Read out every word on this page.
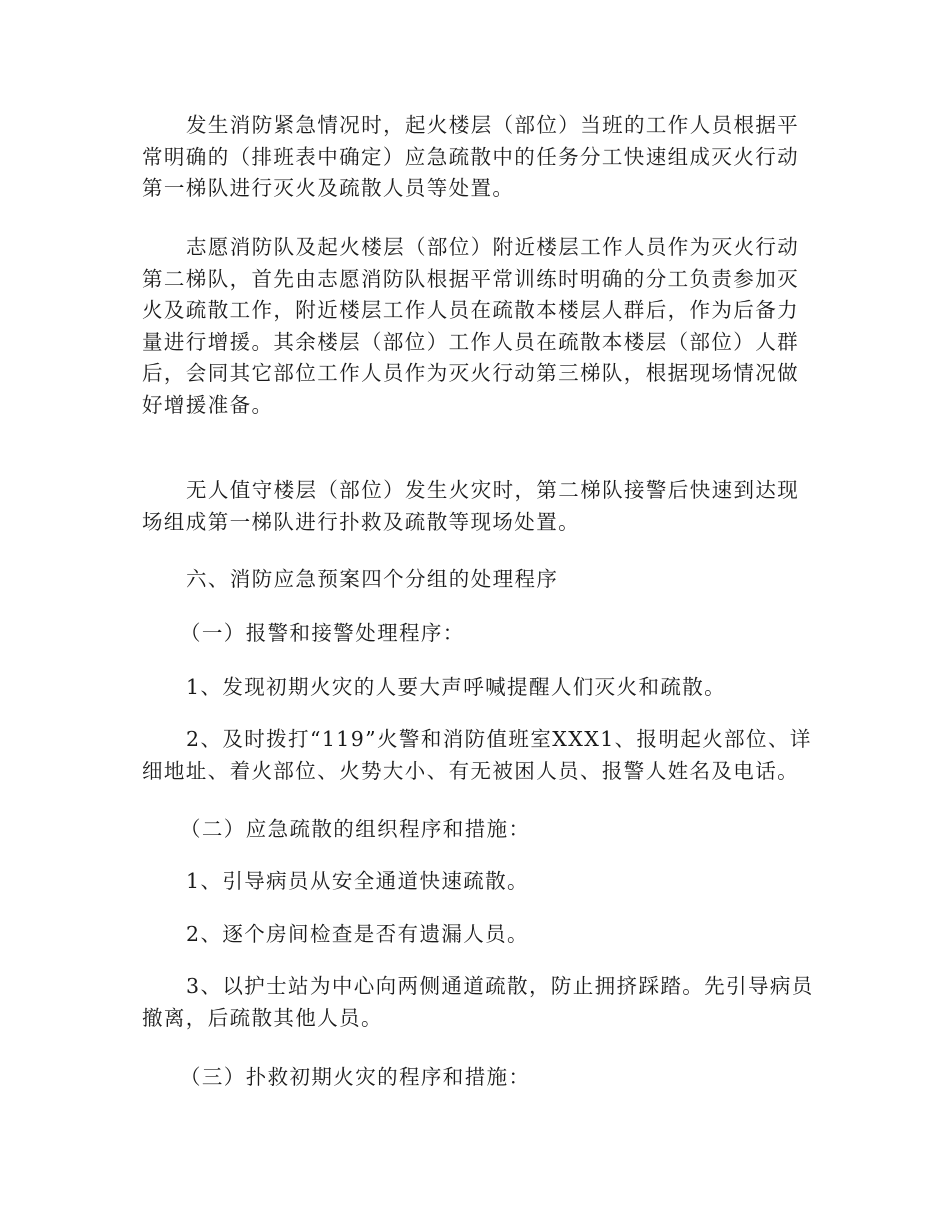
发生消防紧急情况时，起火楼层（部位）当班的工作人员根据平
常明确的（排班表中确定）应急疏散中的任务分工快速组成灭火行动
第一梯队进行灭火及疏散人员等处置。
志愿消防队及起火楼层（部位）附近楼层工作人员作为灭火行动
第二梯队，首先由志愿消防队根据平常训练时明确的分工负责参加灭
火及疏散工作，附近楼层工作人员在疏散本楼层人群后，作为后备力
量进行增援。其余楼层（部位）工作人员在疏散本楼层（部位）人群
后，会同其它部位工作人员作为灭火行动第三梯队，根据现场情况做
好增援准备。
无人值守楼层（部位）发生火灾时，第二梯队接警后快速到达现
场组成第一梯队进行扑救及疏散等现场处置。
六、消防应急预案四个分组的处理程序
（一）报警和接警处理程序：
1、发现初期火灾的人要大声呼喊提醒人们灭火和疏散。
2、及时拨打“119”火警和消防值班室XXX1、报明起火部位、详
细地址、着火部位、火势大小、有无被困人员、报警人姓名及电话。
（二）应急疏散的组织程序和措施：
1、引导病员从安全通道快速疏散。
2、逐个房间检查是否有遗漏人员。
3、以护士站为中心向两侧通道疏散，防止拥挤踩踏。先引导病员
撤离，后疏散其他人员。
（三）扑救初期火灾的程序和措施：
